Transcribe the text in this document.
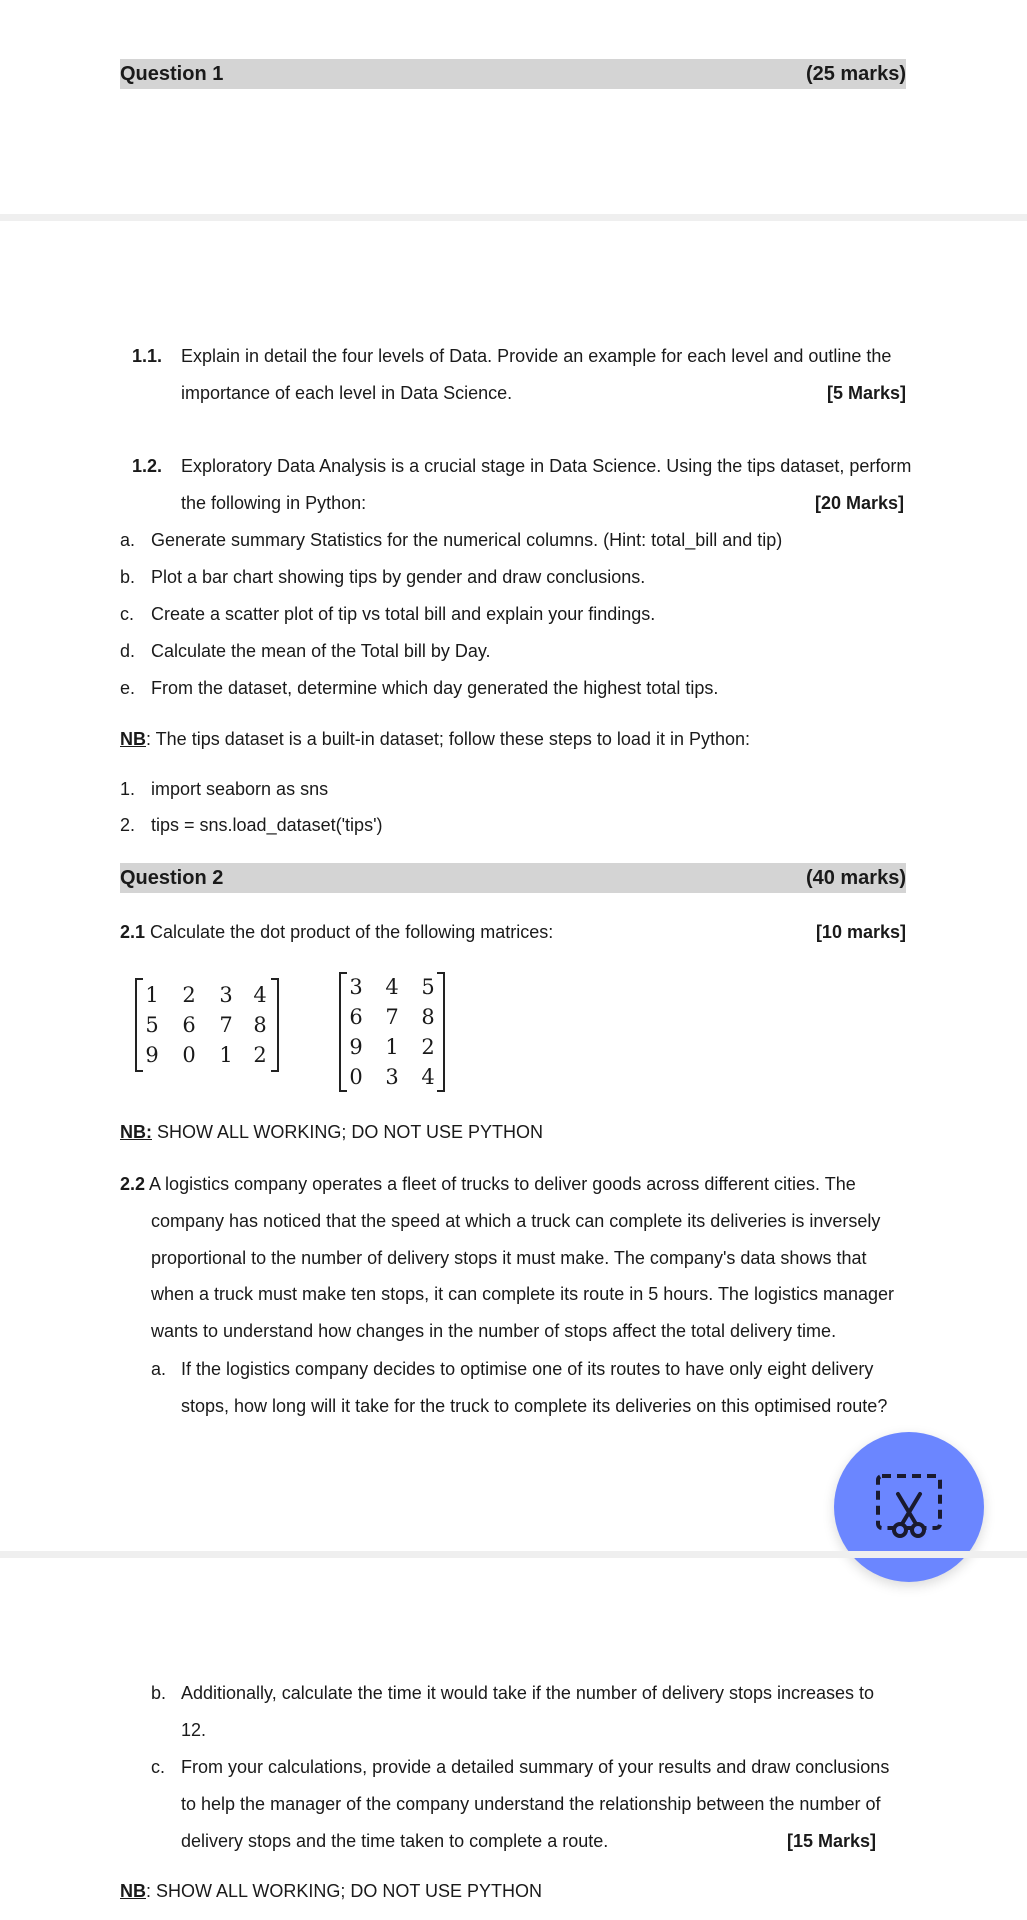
Question 1	(25 marks)
1.1. Explain in detail the four levels of Data. Provide an example for each level and outline the
importance of each level in Data Science.	[5 Marks]
1.2. Exploratory Data Analysis is a crucial stage in Data Science. Using the tips dataset, perform
the following in Python:	[20 Marks]
a. Generate summary Statistics for the numerical columns. (Hint: total_bill and tip)
b. Plot a bar chart showing tips by gender and draw conclusions.
c. Create a scatter plot of tip vs total bill and explain your findings.
d. Calculate the mean of the Total bill by Day.
e. From the dataset, determine which day generated the highest total tips.
NB: The tips dataset is a built-in dataset; follow these steps to load it in Python:
1. import seaborn as sns
2. tips = sns.load_dataset('tips')
Question 2	(40 marks)
2.1 Calculate the dot product of the following matrices:	[10 marks]
1	2	3 4
5	6	7 8
9	0	1 2
3	4	5
6	7	8
9	1	2
0	3	4
NB: SHOW ALL WORKING; DO NOT USE PYTHON
2.2 A logistics company operates a fleet of trucks to deliver goods across different cities. The
company has noticed that the speed at which a truck can complete its deliveries is inversely
proportional to the number of delivery stops it must make. The company's data shows that
when a truck must make ten stops, it can complete its route in 5 hours. The logistics manager
wants to understand how changes in the number of stops affect the total delivery time.
a. If the logistics company decides to optimise one of its routes to have only eight delivery
stops, how long will it take for the truck to complete its deliveries on this optimised route?
b. Additionally, calculate the time it would take if the number of delivery stops increases to
12.
c. From your calculations, provide a detailed summary of your results and draw conclusions
to help the manager of the company understand the relationship between the number of
delivery stops and the time taken to complete a route.	[15 Marks]
NB: SHOW ALL WORKING; DO NOT USE PYTHON
